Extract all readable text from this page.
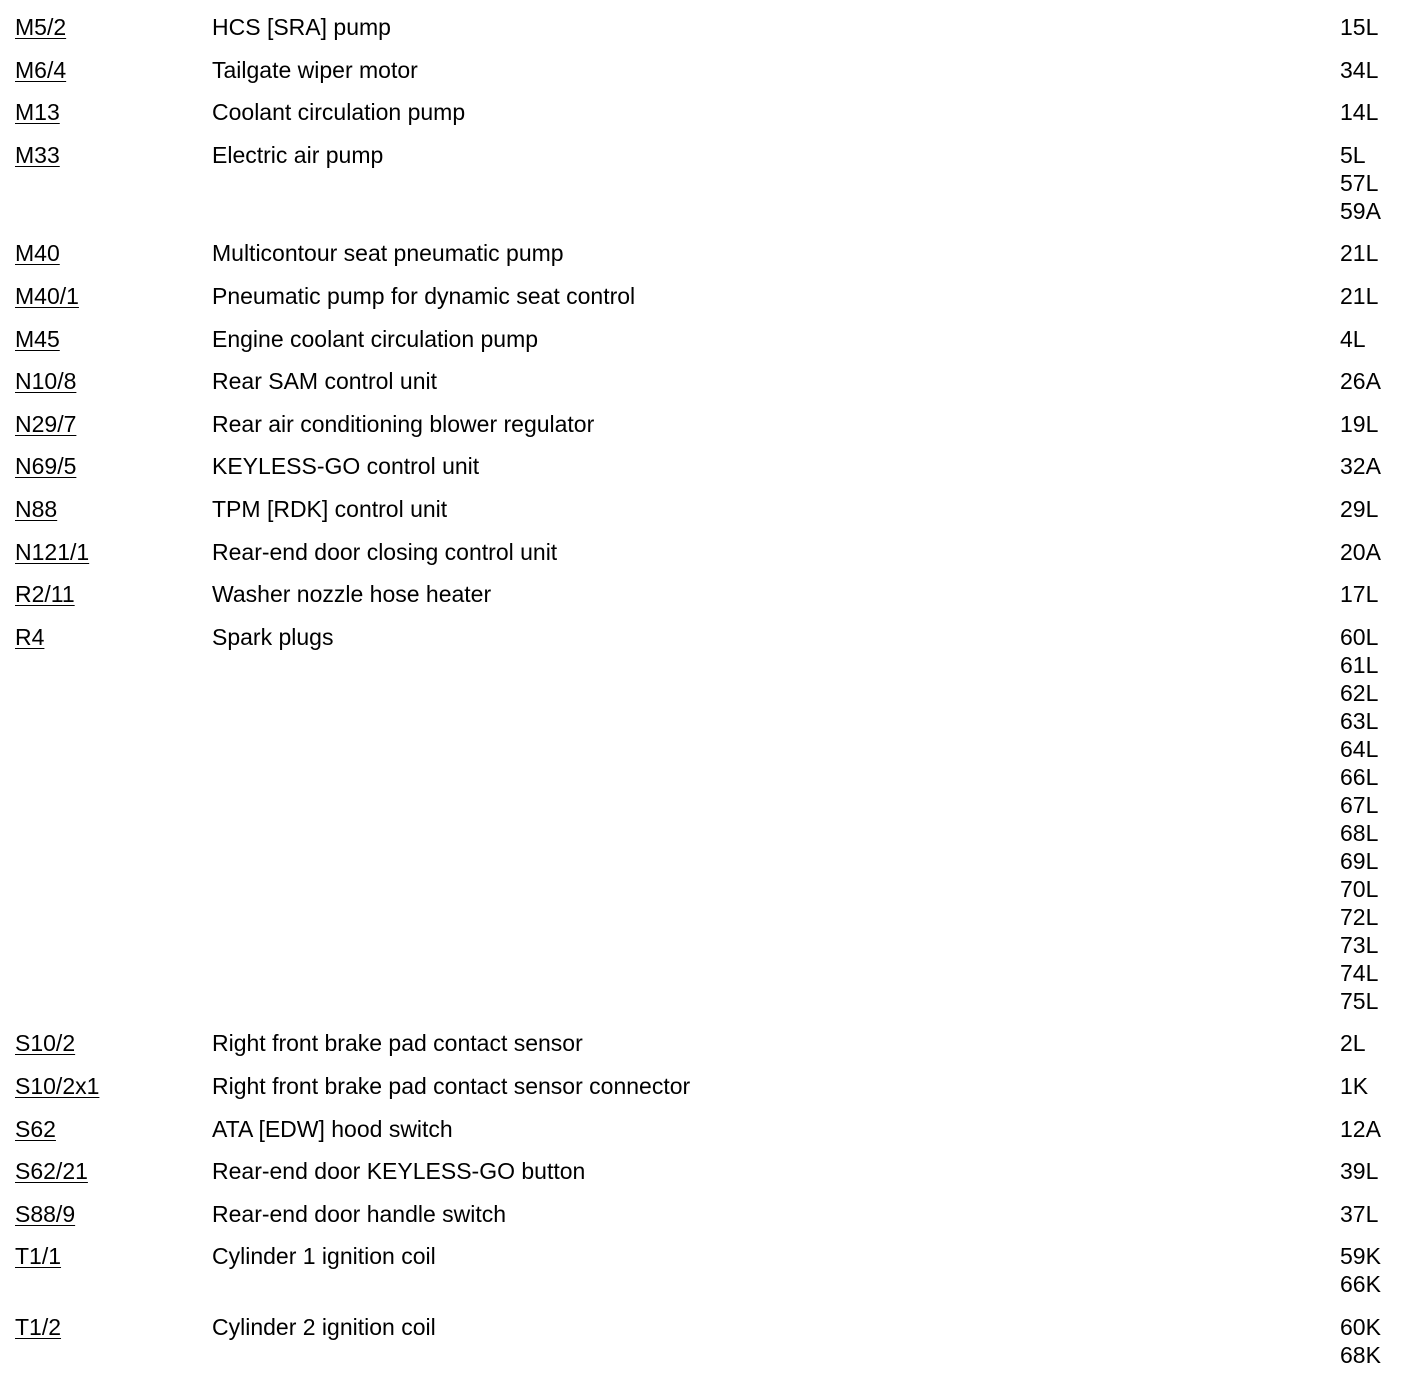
M5/2	HCS [SRA] pump	15L
M6/4	Tailgate wiper motor	34L
M13	Coolant circulation pump	14L
M33	Electric air pump	5L
57L
59A
M40	Multicontour seat pneumatic pump	21L
M40/1	Pneumatic pump for dynamic seat control	21L
M45	Engine coolant circulation pump	4L
N10/8	Rear SAM control unit	26A
N29/7	Rear air conditioning blower regulator	19L
N69/5	KEYLESS-GO control unit	32A
N88	TPM [RDK] control unit	29L
N121/1	Rear-end door closing control unit	20A
R2/11	Washer nozzle hose heater	17L
R4	Spark plugs	60L
61L
62L
63L
64L
66L
67L
68L
69L
70L
72L
73L
74L
75L
S10/2	Right front brake pad contact sensor	2L
S10/2x1	Right front brake pad contact sensor connector	1K
S62	ATA [EDW] hood switch	12A
S62/21	Rear-end door KEYLESS-GO button	39L
S88/9	Rear-end door handle switch	37L
T1/1	Cylinder 1 ignition coil	59K
66K
T1/2	Cylinder 2 ignition coil	60K
68K
